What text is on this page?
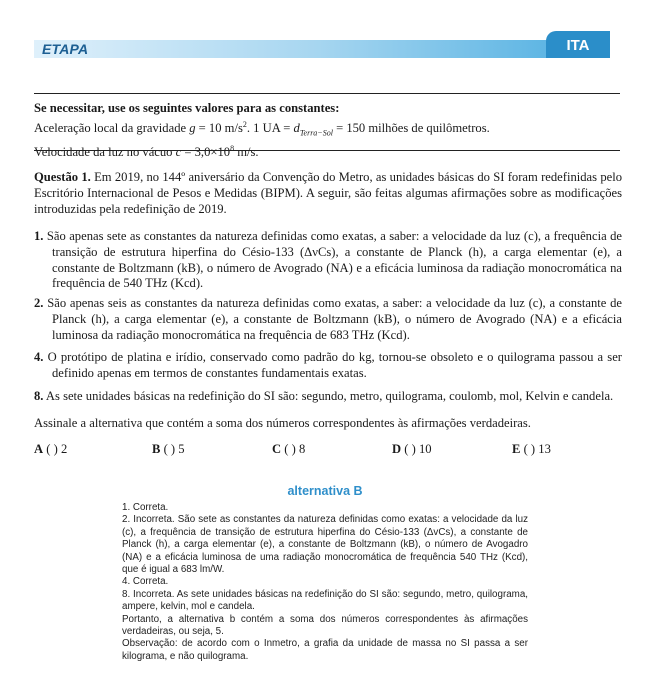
ETAPA	ITA

Se necessitar, use os seguintes valores para as constantes:

Aceleração local da gravidade g = 10 $m/s^2$. 1 UA = $d_{Terra-Sol} = 150$ milhões de quilômetros.

Velocidade da luz no vácuo $c = 3,0\times 10^8$ m/s.

Questão 1. Em 2019, no 144º aniversário da Convenção do Metro, as unidades básicas do SI foram redefinidas pelo Escritório Internacional de Pesos e Medidas (BIPM). A seguir, são feitas algumas afirmações sobre as modificações introduzidas pela redefinição de 2019.

1. São apenas sete as constantes da natureza definidas como exatas, a saber: a velocidade da luz (c), a frequência de transição de estrutura hiperfina do Césio-133 (ΔνCs), a constante de Planck (h), a carga elementar (e), a constante de Boltzmann (kB), o número de Avogrado (NA) e a eficácia luminosa da radiação monocromática na frequência de 540 THz (Kcd).
2. São apenas seis as constantes da natureza definidas como exatas, a saber: a velocidade da luz (c), a constante de Planck (h), a carga elementar (e), a constante de Boltzmann (kB), o número de Avogrado (NA) e a eficácia luminosa da radiação monocromática na frequência de 683 THz (Kcd).
4. O protótipo de platina e irídio, conservado como padrão do kg, tornou-se obsoleto e o quilograma passou a ser definido apenas em termos de constantes fundamentais exatas.
8. As sete unidades básicas na redefinição do SI são: segundo, metro, quilograma, coulomb, mol, Kelvin e candela.

Assinale a alternativa que contém a soma dos números correspondentes às afirmações verdadeiras.

A ( ) 2	B ( ) 5	C ( ) 8	D ( ) 10	E ( ) 13
alternativa B

1. Correta.

2. Incorreta. São sete as constantes da natureza definidas como exatas: a velocidade da luz (c), a frequência de transição de estrutura hiperfina do Césio-133 (ΔvCs), a constante de Planck (h), a carga elementar (e), a constante de Boltzmann (kB), o número de Avogadro (NA) e a eficácia luminosa de uma radiação monocromática de frequência 540 THz (Kcd), que é igual a 683 lm/W.

4. Correta.

8. Incorreta. As sete unidades básicas na redefinição do SI são: segundo, metro, quilograma, ampere, kelvin, mol e candela.

Portanto, a alternativa b contém a soma dos números correspondentes às afirmações verdadeiras, ou seja, 5.

Observação: de acordo com o Inmetro, a grafia da unidade de massa no SI passa a ser kilograma, e não quilograma.
